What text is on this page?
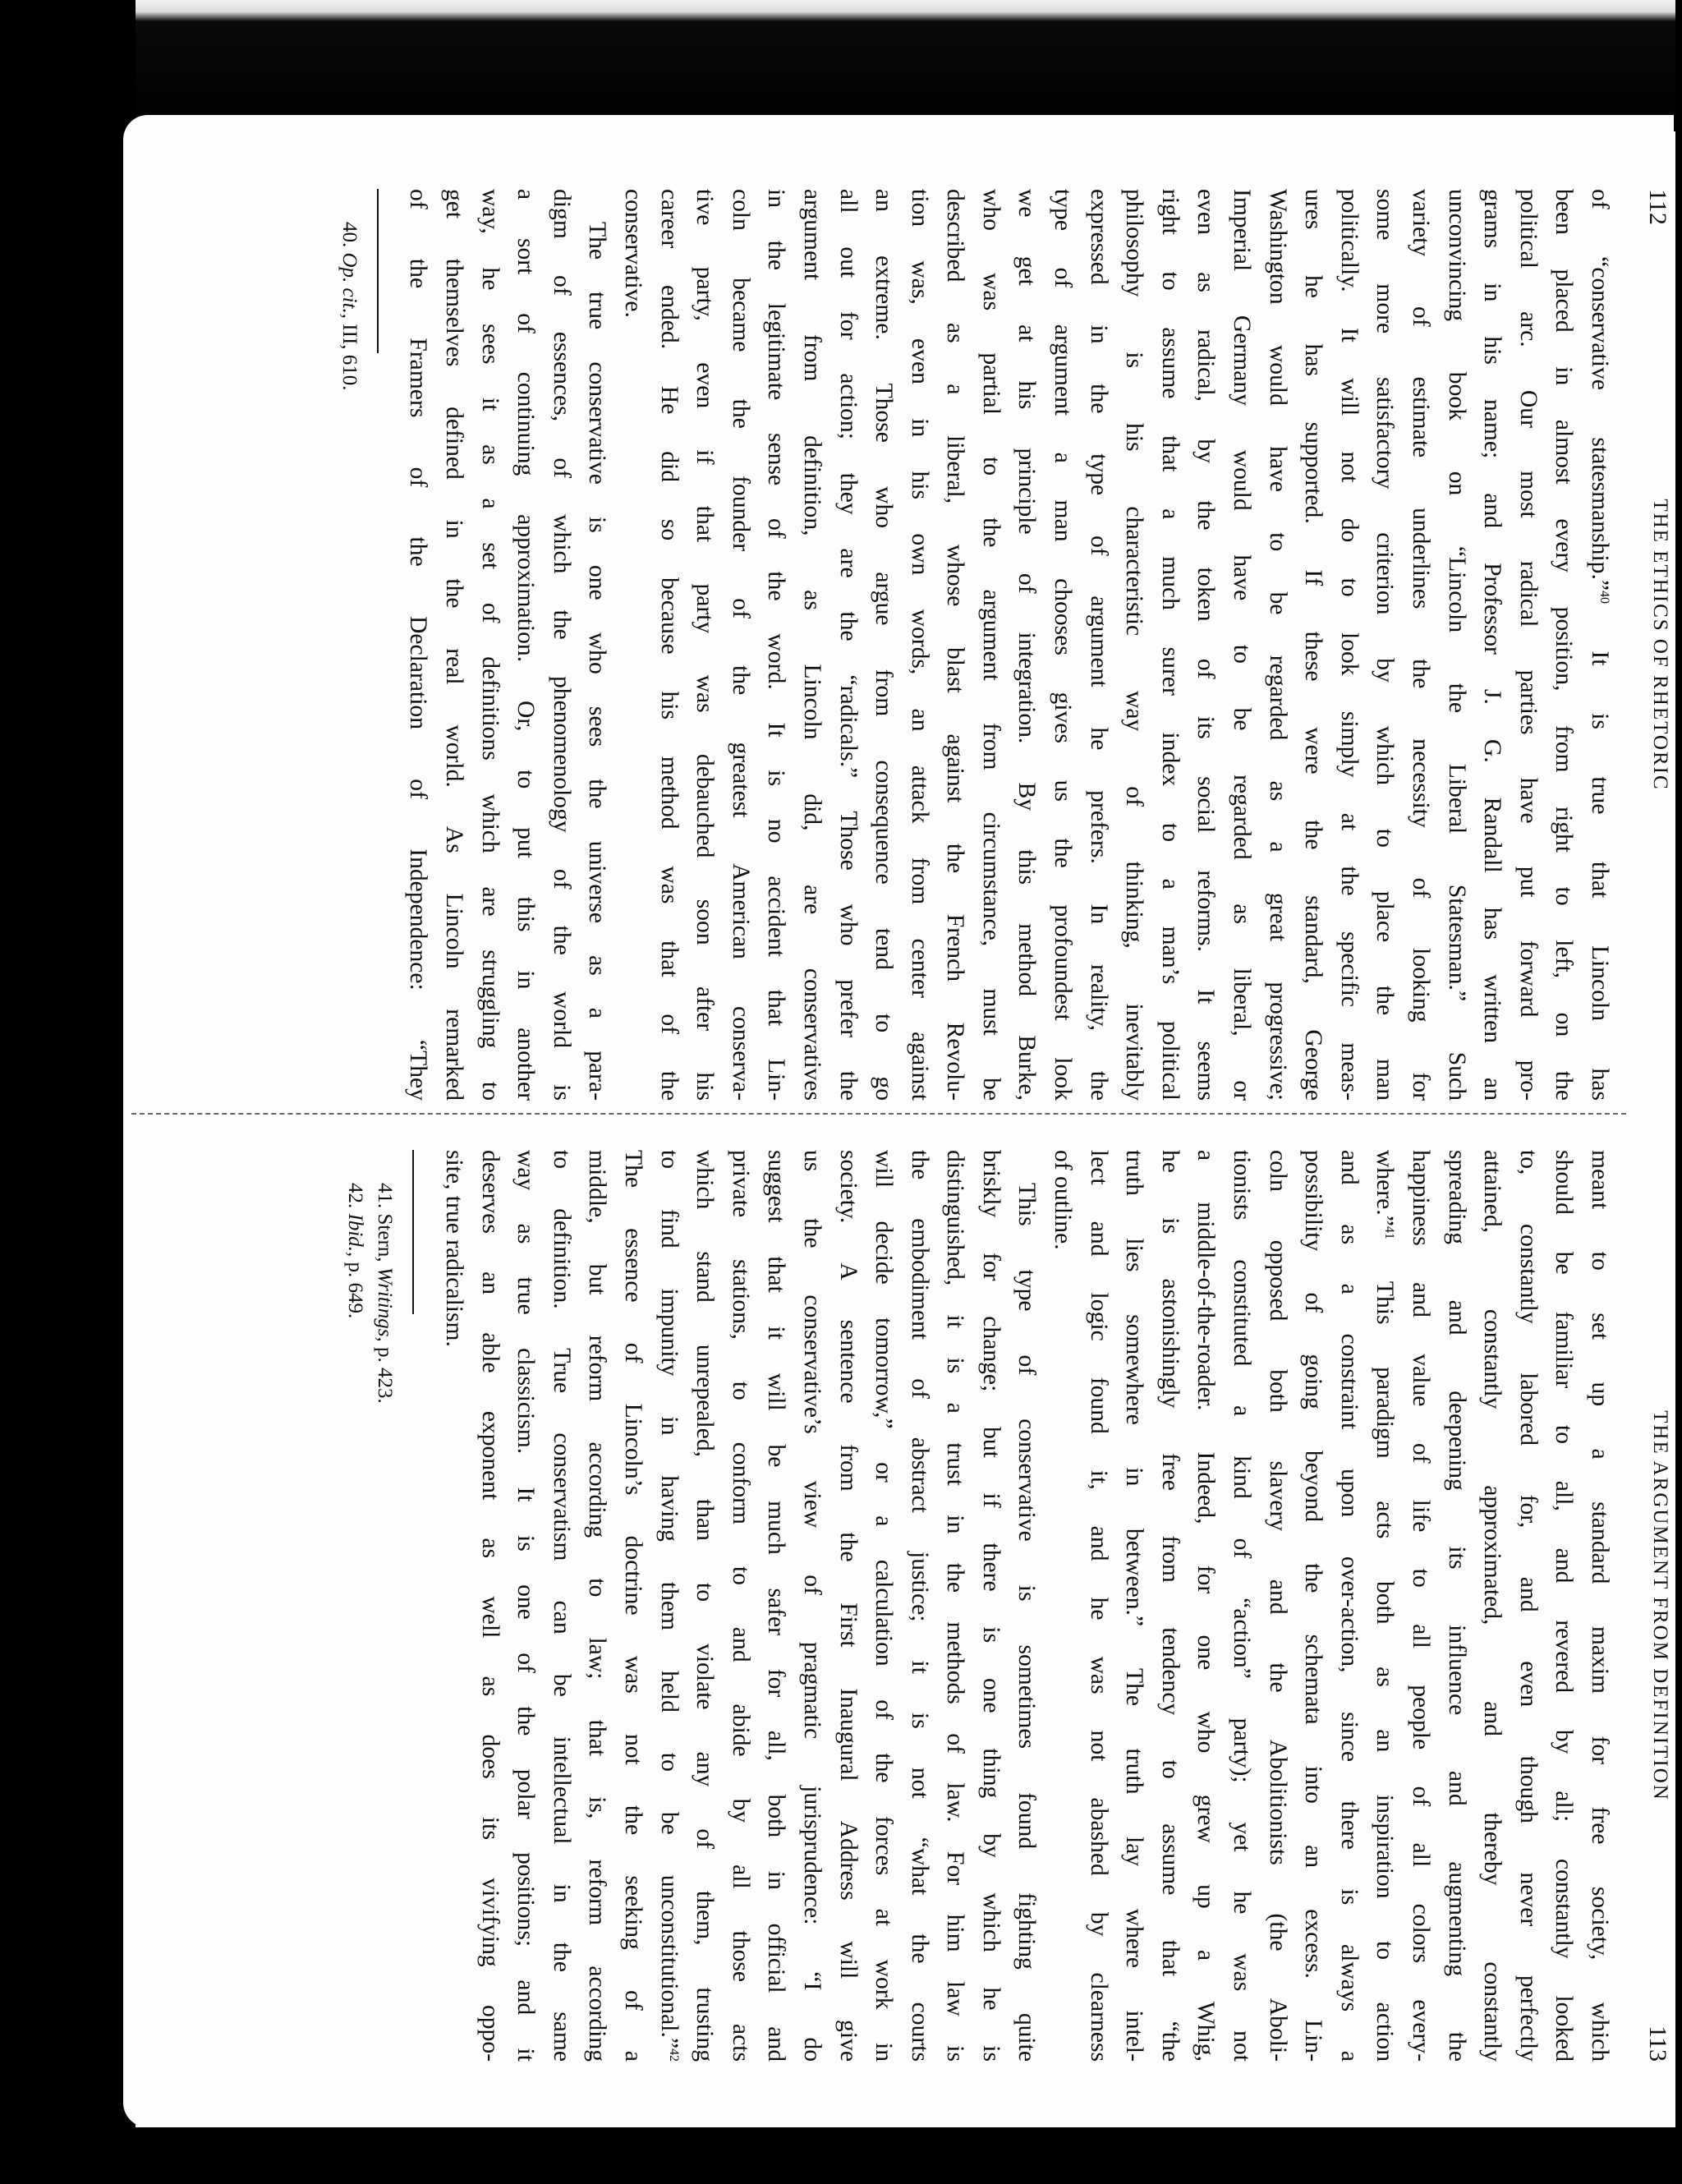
112
THE ETHICS OF RHETORIC
of “conservative statesmanship.”$^{40}$ It is true that Lincoln has
been placed in almost every position, from right to left, on the
political arc. Our most radical parties have put forward pro-
grams in his name; and Professor J. G. Randall has written an
unconvincing book on “Lincoln the Liberal Statesman.” Such
variety of estimate underlines the necessity of looking for
some more satisfactory criterion by which to place the man
politically. It will not do to look simply at the specific meas-
ures he has supported. If these were the standard, George
Washington would have to be regarded as a great progressive;
Imperial Germany would have to be regarded as liberal, or
even as radical, by the token of its social reforms. It seems
right to assume that a much surer index to a man’s political
philosophy is his characteristic way of thinking, inevitably
expressed in the type of argument he prefers. In reality, the
type of argument a man chooses gives us the profoundest look
we get at his principle of integration. By this method Burke,
who was partial to the argument from circumstance, must be
described as a liberal, whose blast against the French Revolu-
tion was, even in his own words, an attack from center against
an extreme. Those who argue from consequence tend to go
all out for action; they are the “radicals.” Those who prefer the
argument from definition, as Lincoln did, are conservatives
in the legitimate sense of the word. It is no accident that Lin-
coln became the founder of the greatest American conserva-
tive party, even if that party was debauched soon after his
career ended. He did so because his method was that of the
conservative.
The true conservative is one who sees the universe as a para-
digm of essences, of which the phenomenology of the world is
a sort of continuing approximation. Or, to put this in another
way, he sees it as a set of definitions which are struggling to
get themselves defined in the real world. As Lincoln remarked
of the Framers of the Declaration of Independence: “They
40. Op. cit., III, 610.
THE ARGUMENT FROM DEFINITION
113
meant to set up a standard maxim for free society, which
should be familiar to all, and revered by all; constantly looked
to, constantly labored for, and even though never perfectly
attained, constantly approximated, and thereby constantly
spreading and deepening its influence and augmenting the
happiness and value of life to all people of all colors every-
where.”$^{41}$ This paradigm acts both as an inspiration to action
and as a constraint upon over-action, since there is always a
possibility of going beyond the schemata into an excess. Lin-
coln opposed both slavery and the Abolitionists (the Aboli-
tionists constituted a kind of “action” party); yet he was not
a middle-of-the-roader. Indeed, for one who grew up a Whig,
he is astonishingly free from tendency to assume that “the
truth lies somewhere in between.” The truth lay where intel-
lect and logic found it, and he was not abashed by clearness
of outline.
This type of conservative is sometimes found fighting quite
briskly for change; but if there is one thing by which he is
distinguished, it is a trust in the methods of law. For him law is
the embodiment of abstract justice; it is not “what the courts
will decide tomorrow,” or a calculation of the forces at work in
society. A sentence from the First Inaugural Address will give
us the conservative’s view of pragmatic jurisprudence: “I do
suggest that it will be much safer for all, both in official and
private stations, to conform to and abide by all those acts
which stand unrepealed, than to violate any of them, trusting
to find impunity in having them held to be unconstitutional.”$^{42}$
The essence of Lincoln’s doctrine was not the seeking of a
middle, but reform according to law; that is, reform according
to definition. True conservatism can be intellectual in the same
way as true classicism. It is one of the polar positions; and it
deserves an able exponent as well as does its vivifying oppo-
site, true radicalism.
41. Stern, Writings, p. 423.
42. Ibid., p. 649.
